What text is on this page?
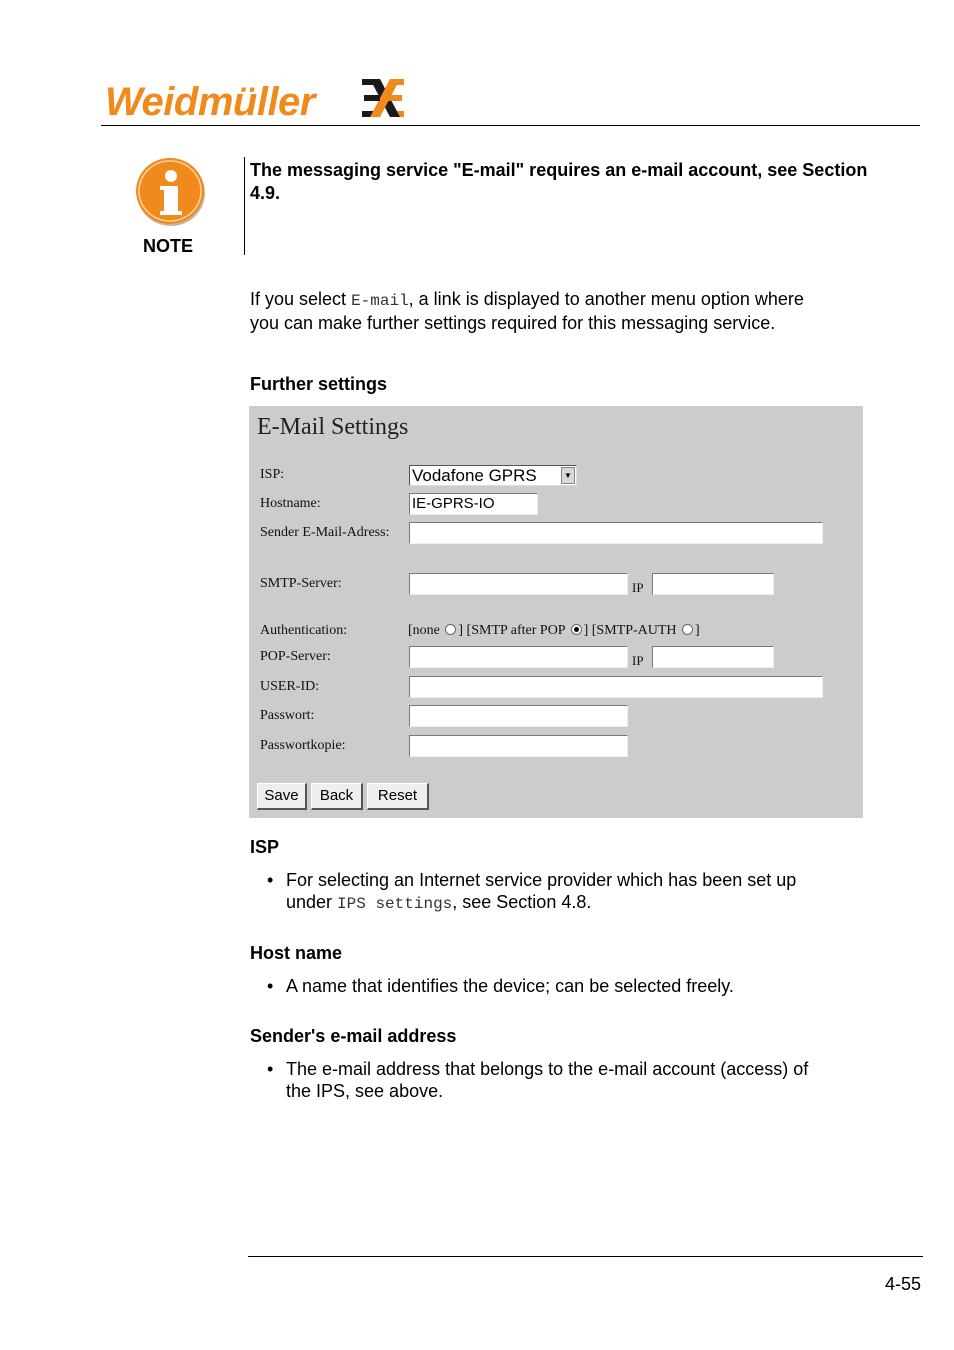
Weidmüller
NOTE
The messaging service "E-mail" requires an e-mail account, see Section 4.9.
If you select E-mail, a link is displayed to another menu option where
you can make further settings required for this messaging service.
Further settings
E-Mail Settings
ISP:	Vodafone GPRS	▼
Hostname:	IE-GPRS-IO
Sender E-Mail-Adress:
SMTP-Server:	IP
Authentication:	[none ] [SMTP after POP ] [SMTP-AUTH ]
POP-Server:	IP
USER-ID:
Passwort:
Passwortkopie:
Save	Back	Reset
ISP
• For selecting an Internet service provider which has been set up
under IPS settings, see Section 4.8.
Host name
• A name that identifies the device; can be selected freely.
Sender's e-mail address
• The e-mail address that belongs to the e-mail account (access) of
the IPS, see above.
4-55
